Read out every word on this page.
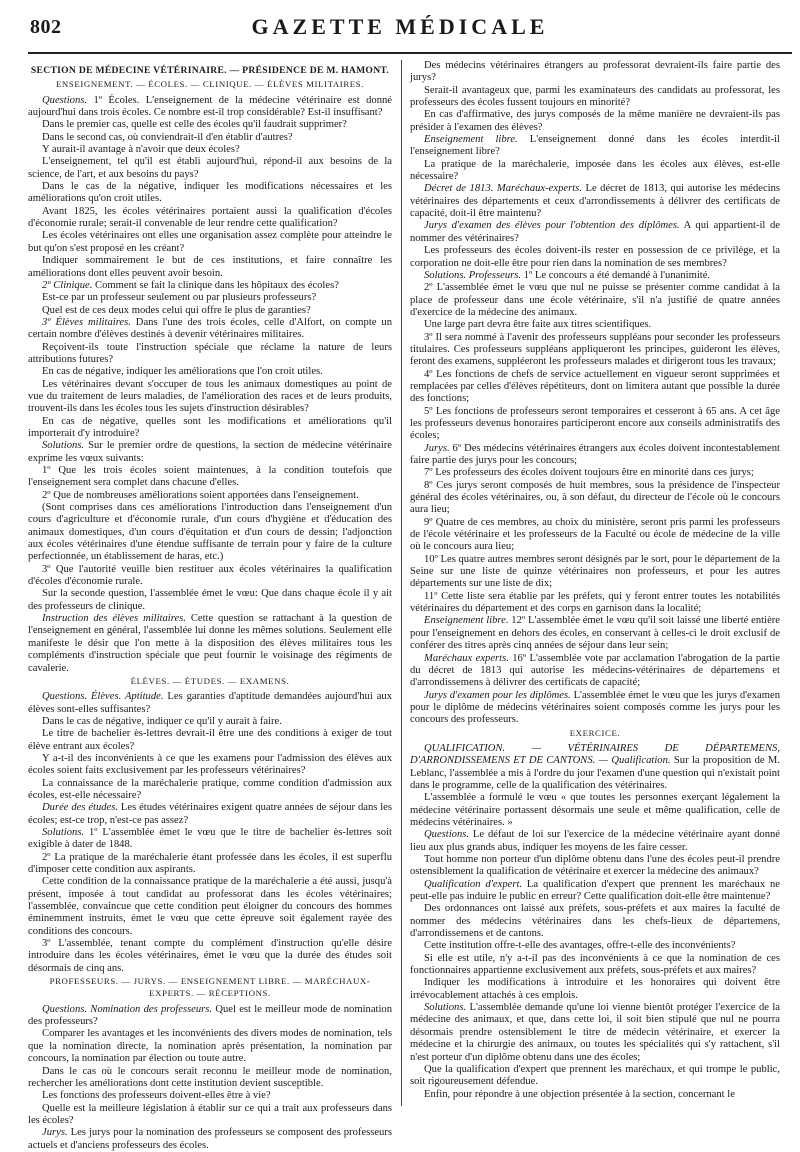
802	GAZETTE MÉDICALE
SECTION DE MÉDECINE VÉTÉRINAIRE. — PRÉSIDENCE DE M. HAMONT.
ENSEIGNEMENT. — ÉCOLES. — CLINIQUE. — ÉLÈVES MILITAIRES.

Questions. 1º Écoles. L'enseignement de la médecine vétérinaire est donné aujourd'hui dans trois écoles. Ce nombre est-il trop considérable? Est-il insuffisant?

Dans le premier cas, quelle est celle des écoles qu'il faudrait supprimer?

Dans le second cas, où conviendrait-il d'en établir d'autres?

Y aurait-il avantage à n'avoir que deux écoles?

L'enseignement, tel qu'il est établi aujourd'hui, répond-il aux besoins de la science, de l'art, et aux besoins du pays?

Dans le cas de la négative, indiquer les modifications nécessaires et les améliorations qu'on croit utiles.

Avant 1825, les écoles vétérinaires portaient aussi la qualification d'écoles d'économie rurale; serait-il convenable de leur rendre cette qualification?

Les écoles vétérinaires ont elles une organisation assez complète pour atteindre le but qu'on s'est proposé en les créant?

Indiquer sommairement le but de ces institutions, et faire connaître les améliorations dont elles peuvent avoir besoin.

2º Clinique. Comment se fait la clinique dans les hôpitaux des écoles?

Est-ce par un professeur seulement ou par plusieurs professeurs?

Quel est de ces deux modes celui qui offre le plus de garanties?

3º Élèves militaires. Dans l'une des trois écoles, celle d'Alfort, on compte un certain nombre d'élèves destinés à devenir vétérinaires militaires.

Reçoivent-ils toute l'instruction spéciale que réclame la nature de leurs attributions futures?

En cas de négative, indiquer les améliorations que l'on croit utiles.

Les vétérinaires devant s'occuper de tous les animaux domestiques au point de vue du traitement de leurs maladies, de l'amélioration des races et de leurs produits, trouvent-ils dans les écoles tous les sujets d'instruction désirables?

En cas de négative, quelles sont les modifications et améliorations qu'il importerait d'y introduire?

Solutions. Sur le premier ordre de questions, la section de médecine vétérinaire exprime les vœux suivants:

1º Que les trois écoles soient maintenues, à la condition toutefois que l'enseignement sera complet dans chacune d'elles.

2º Que de nombreuses améliorations soient apportées dans l'enseignement.

(Sont comprises dans ces améliorations l'introduction dans l'enseignement d'un cours d'agriculture et d'économie rurale, d'un cours d'hygiène et d'éducation des animaux domestiques, d'un cours d'équitation et d'un cours de dessin; l'adjonction aux écoles vétérinaires d'une étendue suffisante de terrain pour y faire de la culture perfectionnée, un établissement de haras, etc.)

3º Que l'autorité veuille bien restituer aux écoles vétérinaires la qualification d'écoles d'économie rurale.

Sur la seconde question, l'assemblée émet le vœu: Que dans chaque école il y ait des professeurs de clinique.

Instruction des élèves militaires. Cette question se rattachant à la question de l'enseignement en général, l'assemblée lui donne les mêmes solutions. Seulement elle manifeste le désir que l'on mette à la disposition des élèves militaires tous les compléments d'instruction spéciale que peut fournir le voisinage des régiments de cavalerie.

ÉLÈVES. — ÉTUDES. — EXAMENS.

Questions. Élèves. Aptitude. Les garanties d'aptitude demandées aujourd'hui aux élèves sont-elles suffisantes?

Dans le cas de négative, indiquer ce qu'il y aurait à faire.

Le titre de bachelier ès-lettres devrait-il être une des conditions à exiger de tout élève entrant aux écoles?

Y a-t-il des inconvénients à ce que les examens pour l'admission des élèves aux écoles soient faits exclusivement par les professeurs vétérinaires?

La connaissance de la maréchalerie pratique, comme condition d'admission aux écoles, est-elle nécessaire?

Durée des études. Les études vétérinaires exigent quatre années de séjour dans les écoles; est-ce trop, n'est-ce pas assez?

Solutions. 1º L'assemblée émet le vœu que le titre de bachelier ès-lettres soit exigible à dater de 1848.

2º La pratique de la maréchalerie étant professée dans les écoles, il est superflu d'imposer cette condition aux aspirants.

Cette condition de la connaissance pratique de la maréchalerie a été aussi, jusqu'à présent, imposée à tout candidat au professorat dans les écoles vétérinaires; l'assemblée, convaincue que cette condition peut éloigner du concours des hommes éminemment instruits, émet le vœu que cette épreuve soit également rayée des conditions des concours.

3º L'assemblée, tenant compte du complément d'instruction qu'elle désire introduire dans les écoles vétérinaires, émet le vœu que la durée des études soit désormais de cinq ans.

PROFESSEURS. — JURYS. — ENSEIGNEMENT LIBRE. — MARÉCHAUX-EXPERTS. — RÉCEPTIONS.

Questions. Nomination des professeurs. Quel est le meilleur mode de nomination des professeurs?

Comparer les avantages et les inconvénients des divers modes de nomination, tels que la nomination directe, la nomination après présentation, la nomination par concours, la nomination par élection ou toute autre.

Dans le cas où le concours serait reconnu le meilleur mode de nomination, rechercher les améliorations dont cette institution devient susceptible.

Les fonctions des professeurs doivent-elles être à vie?

Quelle est la meilleure législation à établir sur ce qui a trait aux professeurs dans les écoles?

Jurys. Les jurys pour la nomination des professeurs se composent des professeurs actuels et d'anciens professeurs des écoles.

Des médecins vétérinaires étrangers au professorat devraient-ils faire partie des jurys?

Serait-il avantageux que, parmi les examinateurs des candidats au professorat, les professeurs des écoles fussent toujours en minorité?

En cas d'affirmative, des jurys composés de la même manière ne devraient-ils pas présider à l'examen des élèves?

Enseignement libre. L'enseignement donné dans les écoles interdit-il l'enseignement libre?

La pratique de la maréchalerie, imposée dans les écoles aux élèves, est-elle nécessaire?

Décret de 1813. Maréchaux-experts. Le décret de 1813, qui autorise les médecins vétérinaires des départements et ceux d'arrondissements à délivrer des certificats de capacité, doit-il être maintenu?

Jurys d'examen des élèves pour l'obtention des diplômes. A qui appartient-il de nommer des vétérinaires?

Les professeurs des écoles doivent-ils rester en possession de ce privilège, et la corporation ne doit-elle être pour rien dans la nomination de ses membres?

Solutions. Professeurs. 1º Le concours a été demandé à l'unanimité.

2º L'assemblée émet le vœu que nul ne puisse se présenter comme candidat à la place de professeur dans une école vétérinaire, s'il n'a justifié de quatre années d'exercice de la médecine des animaux.

Une large part devra être faite aux titres scientifiques.

3º Il sera nommé à l'avenir des professeurs suppléans pour seconder les professeurs titulaires. Ces professeurs suppléans appliqueront les principes, guideront les élèves, feront des examens, suppléeront les professeurs malades et dirigeront tous les travaux;

4º Les fonctions de chefs de service actuellement en vigueur seront supprimées et remplacées par celles d'élèves répétiteurs, dont on limitera autant que possible la durée des fonctions;

5º Les fonctions de professeurs seront temporaires et cesseront à 65 ans. A cet âge les professeurs devenus honoraires participeront encore aux conseils administratifs des écoles;

Jurys. 6º Des médecins vétérinaires étrangers aux écoles doivent incontestablement faire partie des jurys pour les concours;

7º Les professeurs des écoles doivent toujours être en minorité dans ces jurys;

8º Ces jurys seront composés de huit membres, sous la présidence de l'inspecteur général des écoles vétérinaires, ou, à son défaut, du directeur de l'école où le concours aura lieu;

9º Quatre de ces membres, au choix du ministère, seront pris parmi les professeurs de l'école vétérinaire et les professeurs de la Faculté ou école de médecine de la ville où le concours aura lieu;

10º Les quatre autres membres seront désignés par le sort, pour le département de la Seine sur une liste de quinze vétérinaires non professeurs, et pour les autres départements sur une liste de dix;

11º Cette liste sera établie par les préfets, qui y feront entrer toutes les notabilités vétérinaires du département et des corps en garnison dans la localité;

Enseignement libre. 12º L'assemblée émet le vœu qu'il soit laissé une liberté entière pour l'enseignement en dehors des écoles, en conservant à celles-ci le droit exclusif de conférer des titres après cinq années de séjour dans leur sein;

Maréchaux experts. 16º L'assemblée vote par acclamation l'abrogation de la partie du décret de 1813 qui autorise les médecins-vétérinaires de départemens et d'arrondissemens à délivrer des certificats de capacité;

Jurys d'examen pour les diplômes. L'assemblée émet le vœu que les jurys d'examen pour le diplôme de médecins vétérinaires soient composés comme les jurys pour les concours des professeurs.

EXERCICE.

QUALIFICATION. — VÉTÉRINAIRES DE DÉPARTEMENS, D'ARRONDISSEMENS ET DE CANTONS. — Qualification. Sur la proposition de M. Leblanc, l'assemblée a mis à l'ordre du jour l'examen d'une question qui n'existait point dans le programme, celle de la qualification des vétérinaires.

L'assemblée a formulé le vœu « que toutes les personnes exerçant légalement la médecine vétérinaire portassent désormais une seule et même qualification, celle de médecins vétérinaires. »

Questions. Le défaut de loi sur l'exercice de la médecine vétérinaire ayant donné lieu aux plus grands abus, indiquer les moyens de les faire cesser.

Tout homme non porteur d'un diplôme obtenu dans l'une des écoles peut-il prendre ostensiblement la qualification de vétérinaire et exercer la médecine des animaux?

Qualification d'expert. La qualification d'expert que prennent les maréchaux ne peut-elle pas induire le public en erreur? Cette qualification doit-elle être maintenue?

Des ordonnances ont laissé aux préfets, sous-préfets et aux maires la faculté de nommer des médecins vétérinaires dans les chefs-lieux de départemens, d'arrondissemens et de cantons.

Cette institution offre-t-elle des avantages, offre-t-elle des inconvénients?

Si elle est utile, n'y a-t-il pas des inconvénients à ce que la nomination de ces fonctionnaires appartienne exclusivement aux préfets, sous-préfets et aux maires?

Indiquer les modifications à introduire et les honoraires qui doivent être irrévocablement attachés à ces emplois.

Solutions. L'assemblée demande qu'une loi vienne bientôt protéger l'exercice de la médecine des animaux, et que, dans cette loi, il soit bien stipulé que nul ne pourra désormais prendre ostensiblement le titre de médecin vétérinaire, et exercer la médecine et la chirurgie des animaux, ou toutes les spécialités qui s'y rattachent, s'il n'est porteur d'un diplôme obtenu dans une des écoles;

Que la qualification d'expert que prennent les maréchaux, et qui trompe le public, soit rigoureusement défendue.

Enfin, pour répondre à une objection présentée à la section, concernant le
